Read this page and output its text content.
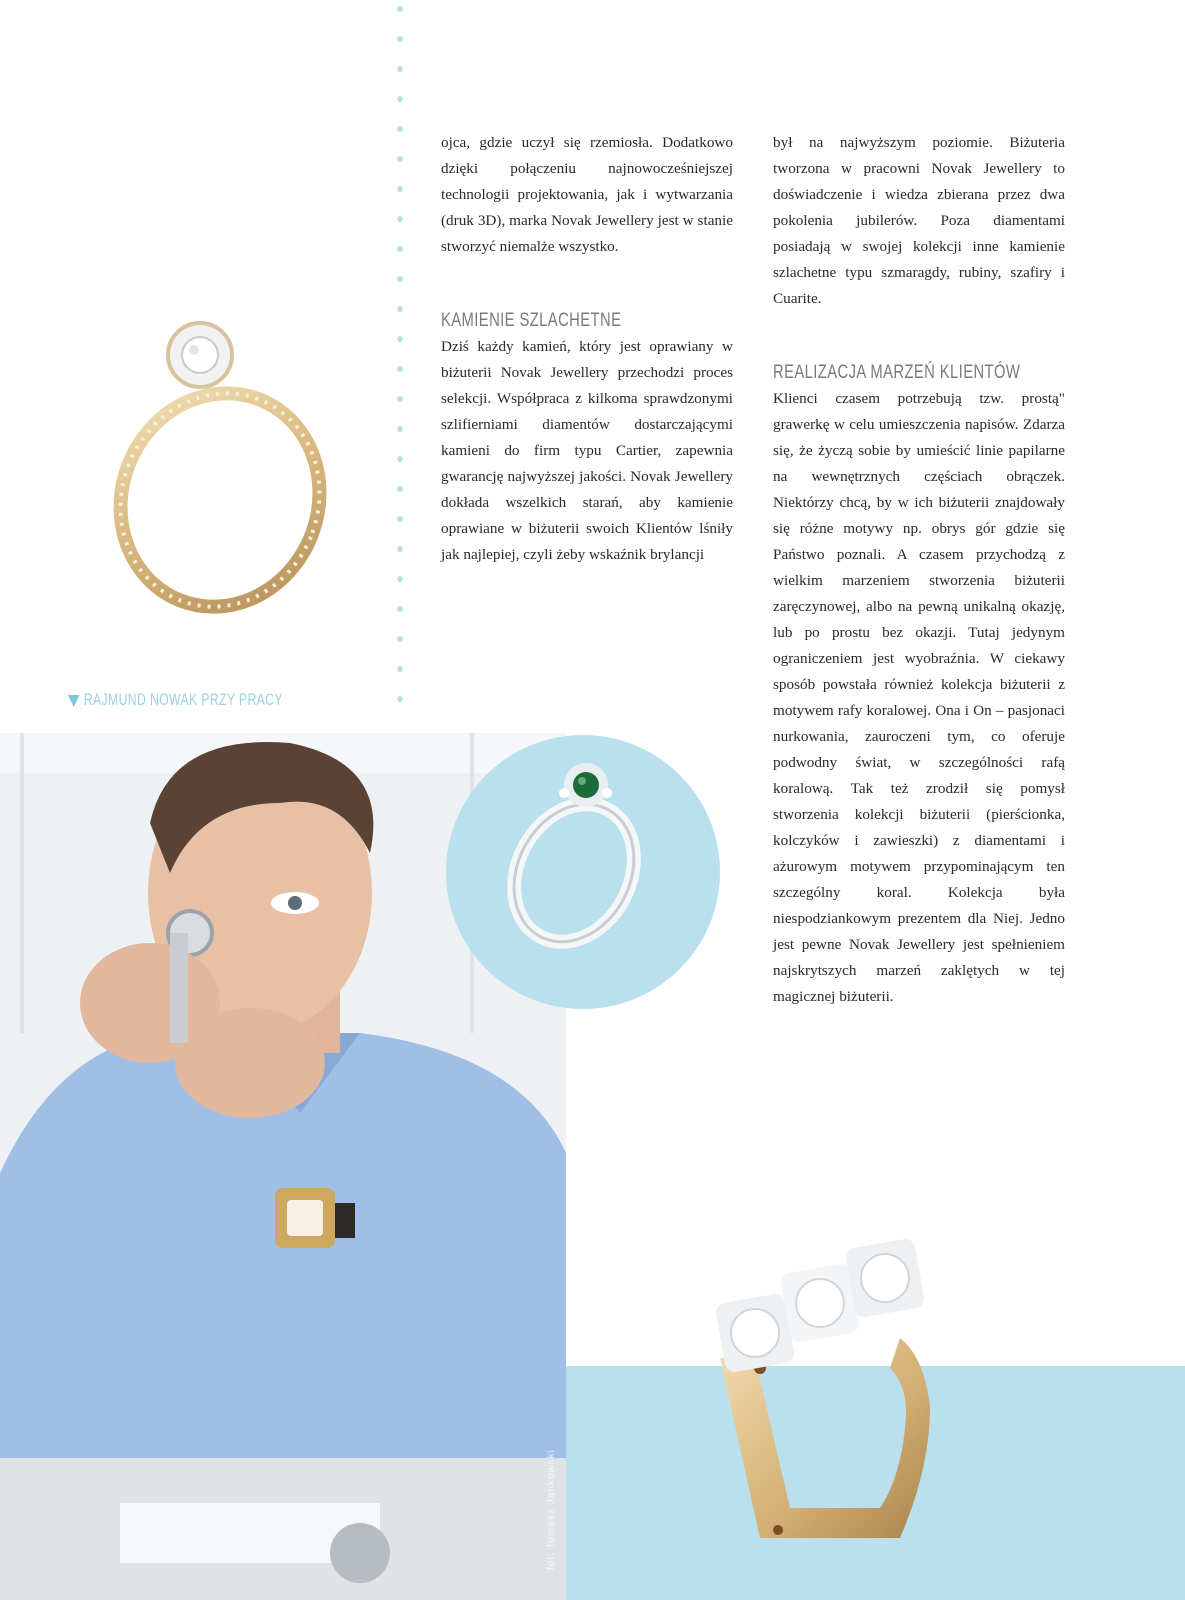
ojca, gdzie uczył się rzemiosła. Dodatkowo dzięki połączeniu najnowocześniejszej technologii projektowania, jak i wytwarzania (druk 3D), marka Novak Jewellery jest w stanie stworzyć niemalże wszystko.

KAMIENIE SZLACHETNE

Dziś każdy kamień, który jest oprawiany w biżuterii Novak Jewellery przechodzi proces selekcji. Współpraca z kilkoma sprawdzonymi szlifierniami diamentów dostarczającymi kamieni do firm typu Cartier, zapewnia gwarancję najwyższej jakości. Novak Jewellery dokłada wszelkich starań, aby kamienie oprawiane w biżuterii swoich Klientów lśniły jak najlepiej, czyli żeby wskaźnik brylancji

był na najwyższym poziomie. Biżuteria tworzona w pracowni Novak Jewellery to doświadczenie i wiedza zbierana przez dwa pokolenia jubilerów. Poza diamentami posiadają w swojej kolekcji inne kamienie szlachetne typu szmaragdy, rubiny, szafiry i Cuarite.

REALIZACJA MARZEŃ KLIENTÓW

Klienci czasem potrzebują tzw. prostą" grawerkę w celu umieszczenia napisów. Zdarza się, że życzą sobie by umieścić linie papilarne na wewnętrznych częściach obrączek. Niektórzy chcą, by w ich biżuterii znajdowały się różne motywy np. obrys gór gdzie się Państwo poznali. A czasem przychodzą z wielkim marzeniem stworzenia biżuterii zaręczynowej, albo na pewną unikalną okazję, lub po prostu bez okazji. Tutaj jedynym ograniczeniem jest wyobraźnia. W ciekawy sposób powstała również kolekcja biżuterii z motywem rafy koralowej. Ona i On – pasjonaci nurkowania, zauroczeni tym, co oferuje podwodny świat, w szczególności rafą koralową. Tak też zrodził się pomysł stworzenia kolekcji biżuterii (pierścionka, kolczyków i zawieszki) z diamentami i ażurowym motywem przypominającym ten szczególny koral. Kolekcja była niespodziankowym prezentem dla Niej. Jedno jest pewne Novak Jewellery jest spełnieniem najskrytszych marzeń zaklętych w tej magicznej biżuterii.

RAJMUND NOWAK PRZY PRACY
fot. Tomasz Jankowski
